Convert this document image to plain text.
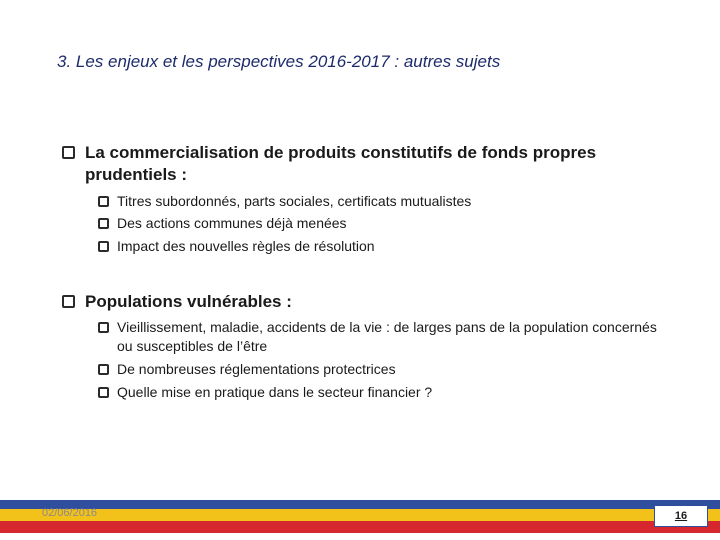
3. Les enjeux et les perspectives 2016-2017 : autres sujets
La commercialisation de produits constitutifs de fonds propres prudentiels :
Titres subordonnés, parts sociales, certificats mutualistes
Des actions communes déjà menées
Impact des nouvelles règles de résolution
Populations vulnérables :
Vieillissement, maladie, accidents de la vie : de larges pans de la population concernés ou susceptibles de l’être
De nombreuses réglementations protectrices
Quelle mise en pratique dans le secteur financier ?
02/06/2016	16
